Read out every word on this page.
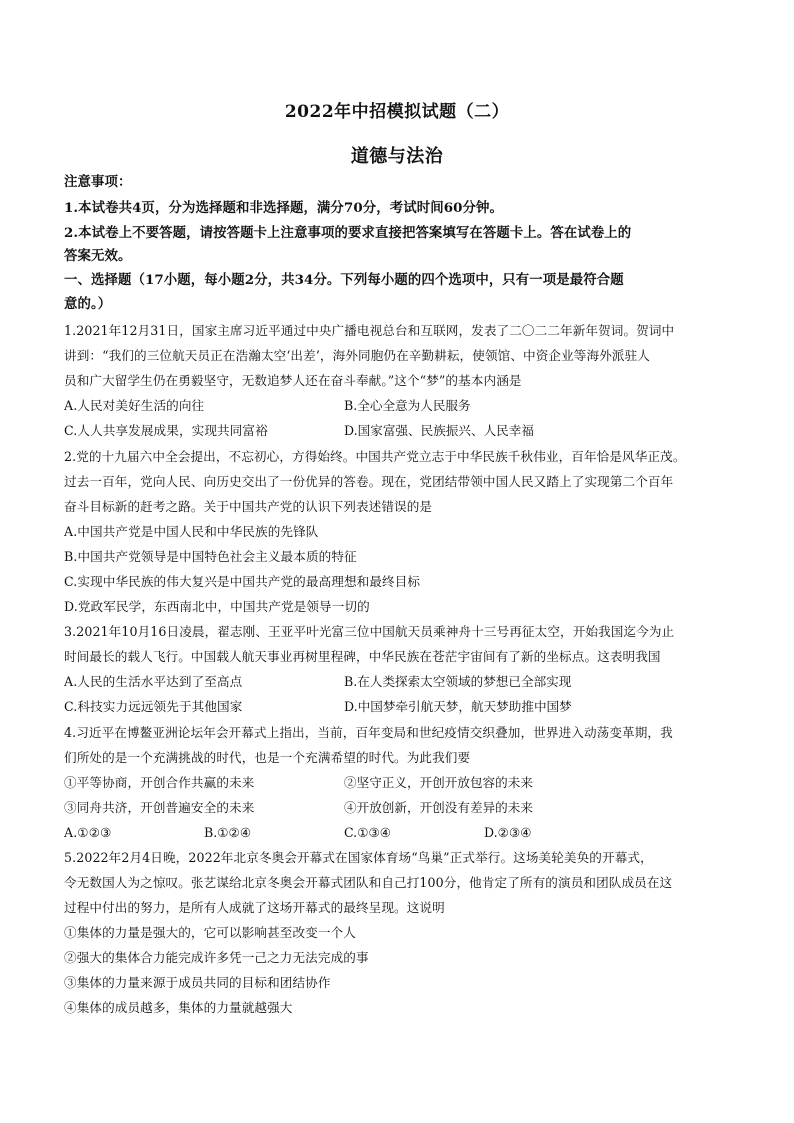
2022年中招模拟试题（二）
道德与法治
注意事项：
1.本试卷共4页，分为选择题和非选择题，满分70分，考试时间60分钟。
2.本试卷上不要答题，请按答题卡上注意事项的要求直接把答案填写在答题卡上。答在试卷上的
答案无效。
一、选择题（17小题，每小题2分，共34分。下列每小题的四个选项中，只有一项是最符合题
意的。）
1.2021年12月31日，国家主席习近平通过中央广播电视总台和互联网，发表了二〇二二年新年贺词。贺词中
讲到：“我们的三位航天员正在浩瀚太空‘出差’，海外同胞仍在辛勤耕耘，使领馆、中资企业等海外派驻人
员和广大留学生仍在勇毅坚守，无数追梦人还在奋斗奉献。”这个“梦”的基本内涵是
A.人民对美好生活的向往	B.全心全意为人民服务
C.人人共享发展成果，实现共同富裕	D.国家富强、民族振兴、人民幸福
2.党的十九届六中全会提出，不忘初心，方得始终。中国共产党立志于中华民族千秋伟业，百年恰是风华正茂。
过去一百年，党向人民、向历史交出了一份优异的答卷。现在，党团结带领中国人民又踏上了实现第二个百年
奋斗目标新的赶考之路。关于中国共产党的认识下列表述错误的是
A.中国共产党是中国人民和中华民族的先锋队
B.中国共产党领导是中国特色社会主义最本质的特征
C.实现中华民族的伟大复兴是中国共产党的最高理想和最终目标
D.党政军民学，东西南北中，中国共产党是领导一切的
3.2021年10月16日凌晨，翟志刚、王亚平叶光富三位中国航天员乘神舟十三号再征太空，开始我国迄今为止
时间最长的载人飞行。中国载人航天事业再树里程碑，中华民族在苍茫宇宙间有了新的坐标点。这表明我国
A.人民的生活水平达到了至高点	B.在人类探索太空领域的梦想已全部实现
C.科技实力远远领先于其他国家	D.中国梦牵引航天梦，航天梦助推中国梦
4.习近平在博鳌亚洲论坛年会开幕式上指出，当前，百年变局和世纪疫情交织叠加，世界进入动荡变革期，我
们所处的是一个充满挑战的时代，也是一个充满希望的时代。为此我们要
①平等协商，开创合作共赢的未来	②坚守正义，开创开放包容的未来
③同舟共济，开创普遍安全的未来	④开放创新，开创没有差异的未来
A.①②③	B.①②④	C.①③④	D.②③④
5.2022年2月4日晚，2022年北京冬奥会开幕式在国家体育场“鸟巢”正式举行。这场美轮美奂的开幕式，
令无数国人为之惊叹。张艺谋给北京冬奥会开幕式团队和自己打100分，他肯定了所有的演员和团队成员在这
过程中付出的努力，是所有人成就了这场开幕式的最终呈现。这说明
①集体的力量是强大的，它可以影响甚至改变一个人
②强大的集体合力能完成许多凭一己之力无法完成的事
③集体的力量来源于成员共同的目标和团结协作
④集体的成员越多，集体的力量就越强大
